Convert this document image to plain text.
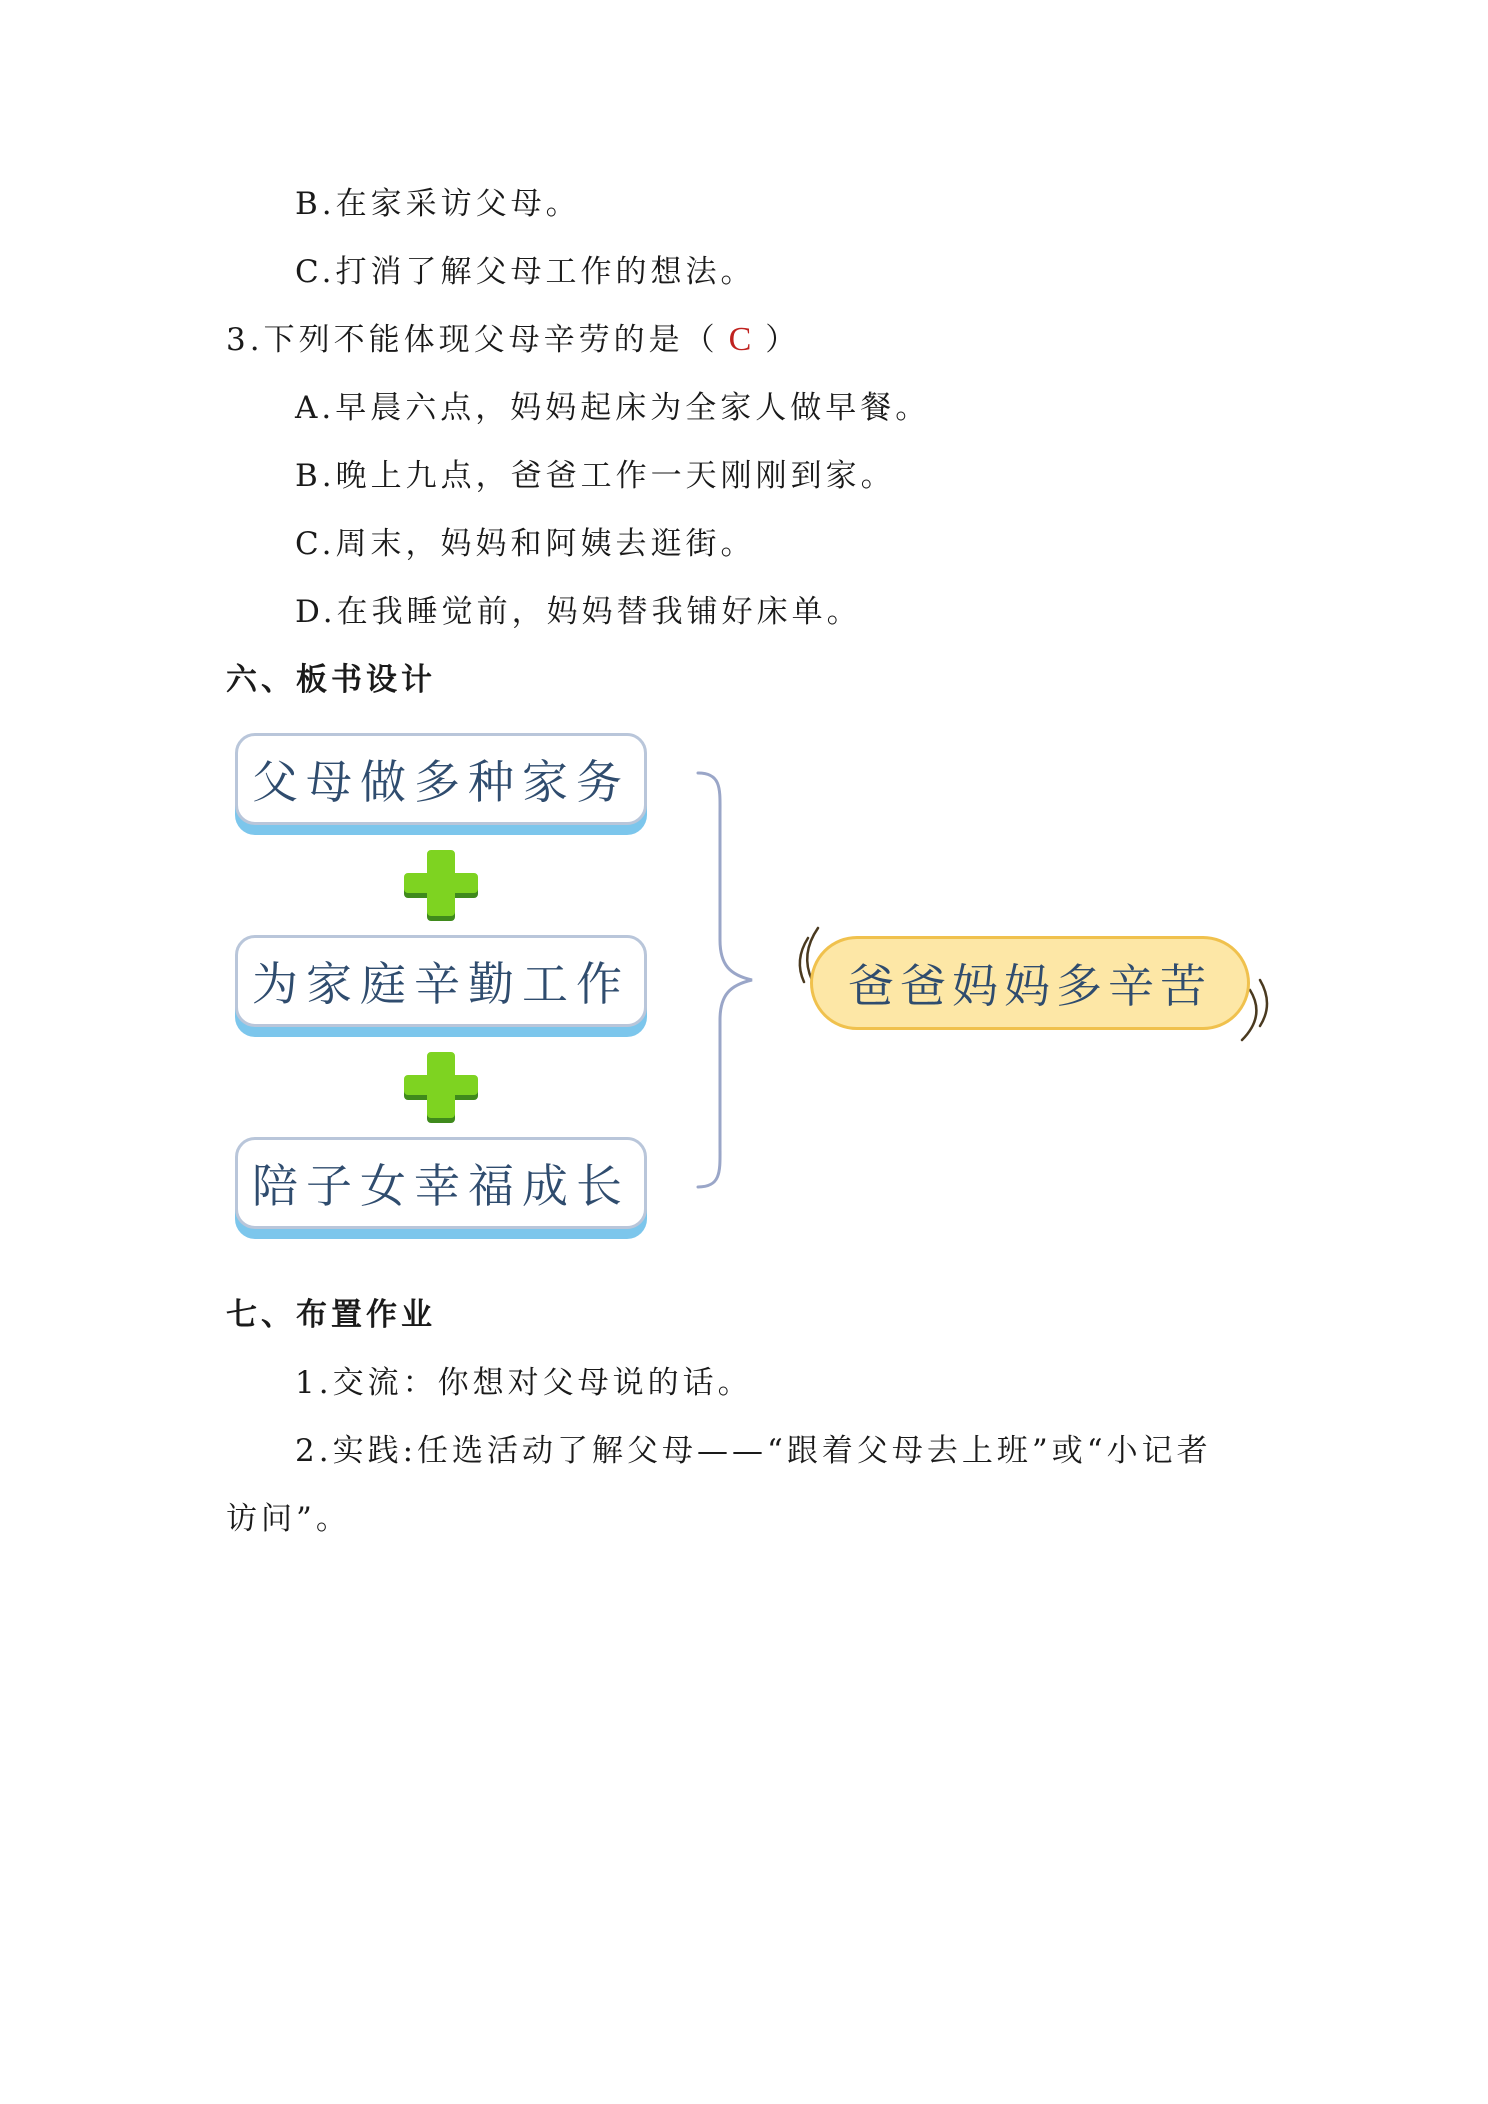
B.在家采访父母。
C.打消了解父母工作的想法。
3.下列不能体现父母辛劳的是（ C ）
A.早晨六点，妈妈起床为全家人做早餐。
B.晚上九点，爸爸工作一天刚刚到家。
C.周末，妈妈和阿姨去逛街。
D.在我睡觉前，妈妈替我铺好床单。
六、板书设计
父母做多种家务
为家庭辛勤工作
陪子女幸福成长
爸爸妈妈多辛苦
七、布置作业
1.交流：你想对父母说的话。
2.实践:任选活动了解父母——“跟着父母去上班”或“小记者
访问”。
